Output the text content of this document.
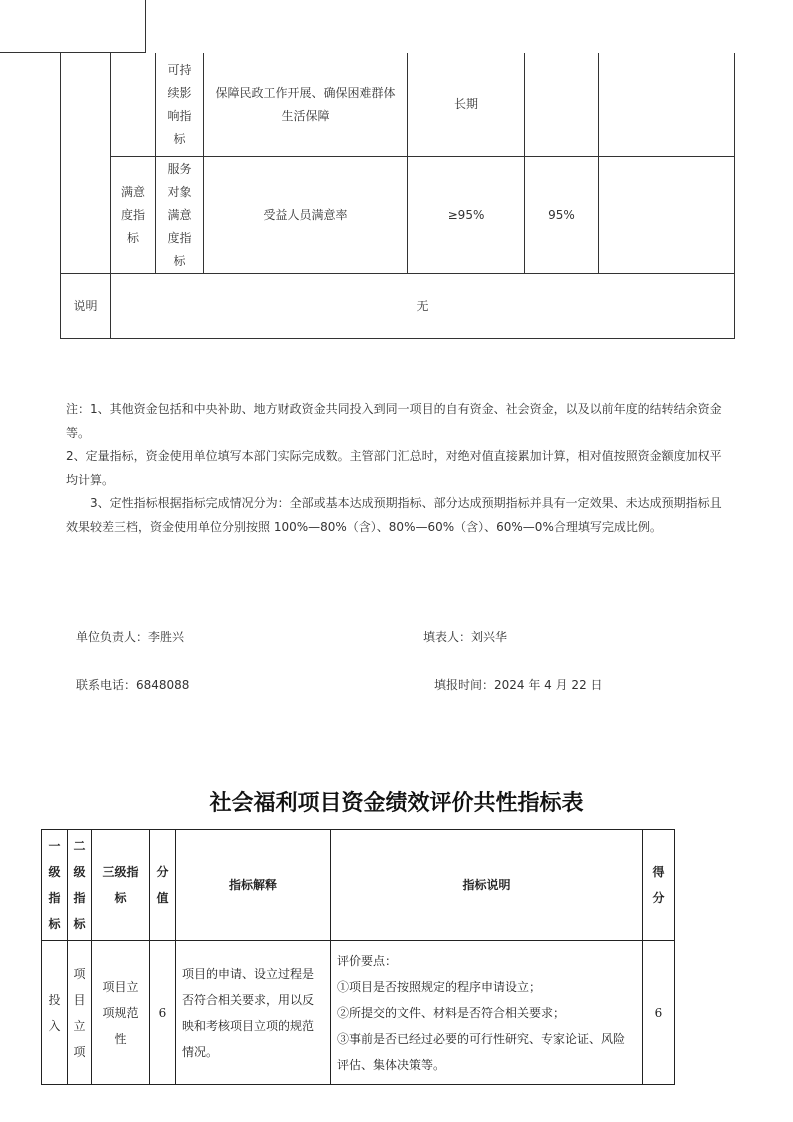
		可持
续影
响指
标	保障民政工作开展、确保困难群体生活保障	长期		
	满意
度指
标	服务
对象
满意
度指
标	受益人员满意率	≥95%	95%	
说明	无					

注：1、其他资金包括和中央补助、地方财政资金共同投入到同一项目的自有资金、社会资金，以及以前年度的结转结余资金等。

2、定量指标，资金使用单位填写本部门实际完成数。主管部门汇总时，对绝对值直接累加计算，相对值按照资金额度加权平均计算。

3、定性指标根据指标完成情况分为：全部或基本达成预期指标、部分达成预期指标并具有一定效果、未达成预期指标且效果较差三档，资金使用单位分别按照 100%—80%（含）、80%—60%（含）、60%—0%合理填写完成比例。

单位负责人：李胜兴	填表人：刘兴华
联系电话：6848088	填报时间：2024 年 4 月 22 日
社会福利项目资金绩效评价共性指标表
一
级
指
标	二
级
指
标	三级指
标	分
值	指标解释	指标说明	得
分
投
入	项
目
立
项	项目立
项规范
性	6	项目的申请、设立过程是否符合相关要求，用以反映和考核项目立项的规范情况。	评价要点：
①项目是否按照规定的程序申请设立；
②所提交的文件、材料是否符合相关要求；
③事前是否已经过必要的可行性研究、专家论证、风险评估、集体决策等。	6
